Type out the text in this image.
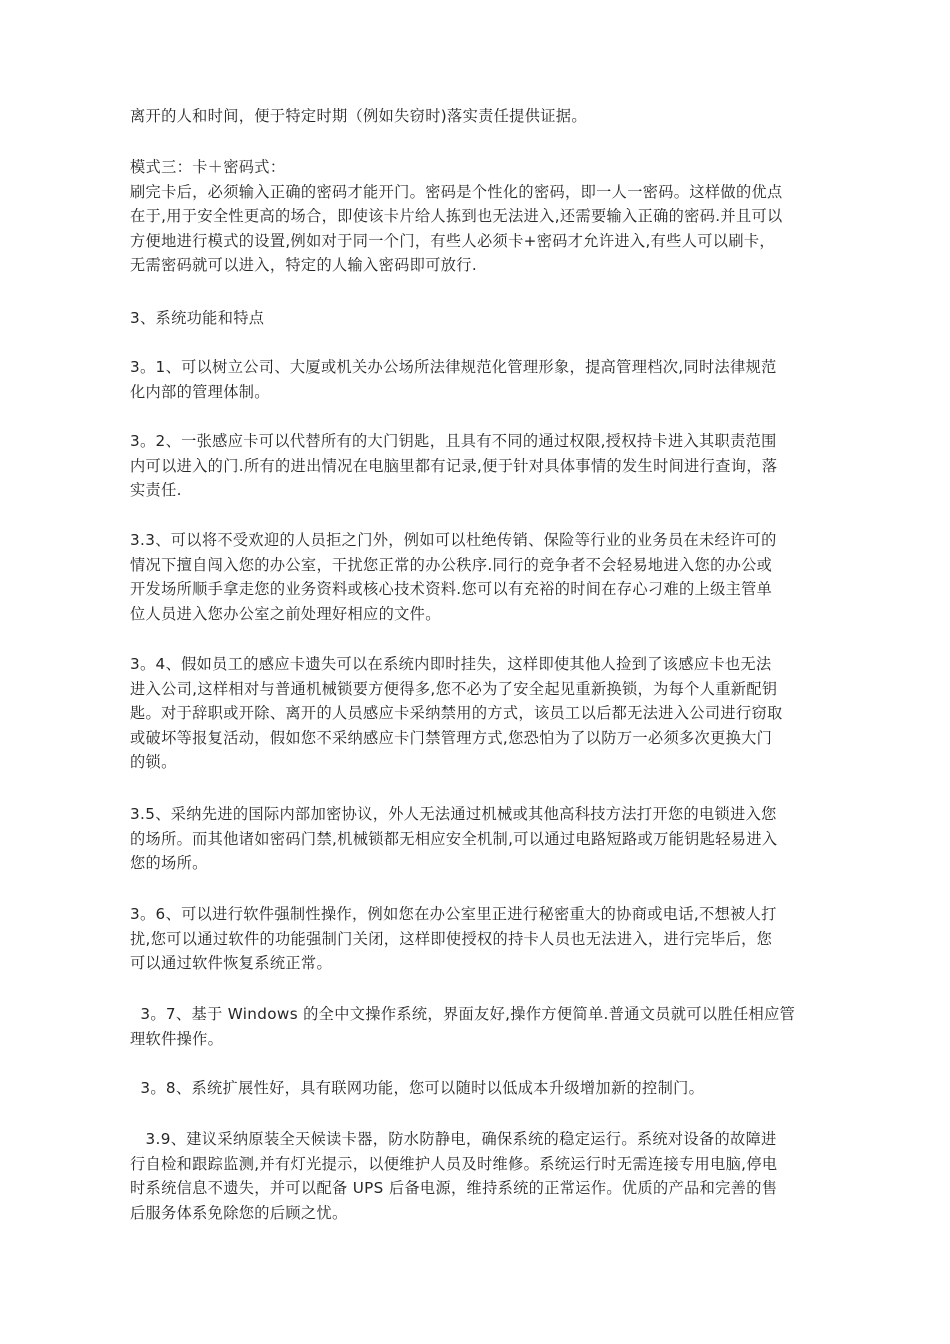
离开的人和时间，便于特定时期（例如失窃时)落实责任提供证据。

模式三：卡＋密码式：
刷完卡后，必须输入正确的密码才能开门。密码是个性化的密码，即一人一密码。这样做的优点
在于,用于安全性更高的场合，即使该卡片给人拣到也无法进入,还需要输入正确的密码.并且可以
方便地进行模式的设置,例如对于同一个门，有些人必须卡+密码才允许进入,有些人可以刷卡，
无需密码就可以进入，特定的人输入密码即可放行.

3、系统功能和特点

3。1、可以树立公司、大厦或机关办公场所法律规范化管理形象，提高管理档次,同时法律规范
化内部的管理体制。

3。2、一张感应卡可以代替所有的大门钥匙，且具有不同的通过权限,授权持卡进入其职责范围
内可以进入的门.所有的进出情况在电脑里都有记录,便于针对具体事情的发生时间进行查询，落
实责任.

3.3、可以将不受欢迎的人员拒之门外，例如可以杜绝传销、保险等行业的业务员在未经许可的
情况下擅自闯入您的办公室，干扰您正常的办公秩序.同行的竞争者不会轻易地进入您的办公或
开发场所顺手拿走您的业务资料或核心技术资料.您可以有充裕的时间在存心刁难的上级主管单
位人员进入您办公室之前处理好相应的文件。

3。4、假如员工的感应卡遗失可以在系统内即时挂失，这样即使其他人捡到了该感应卡也无法
进入公司,这样相对与普通机械锁要方便得多,您不必为了安全起见重新换锁，为每个人重新配钥
匙。对于辞职或开除、离开的人员感应卡采纳禁用的方式，该员工以后都无法进入公司进行窃取
或破坏等报复活动，假如您不采纳感应卡门禁管理方式,您恐怕为了以防万一必须多次更换大门
的锁。

3.5、采纳先进的国际内部加密协议，外人无法通过机械或其他高科技方法打开您的电锁进入您
的场所。而其他诸如密码门禁,机械锁都无相应安全机制,可以通过电路短路或万能钥匙轻易进入
您的场所。

3。6、可以进行软件强制性操作，例如您在办公室里正进行秘密重大的协商或电话,不想被人打
扰,您可以通过软件的功能强制门关闭，这样即使授权的持卡人员也无法进入，进行完毕后，您
可以通过软件恢复系统正常。

3。7、基于 Windows 的全中文操作系统，界面友好,操作方便简单.普通文员就可以胜任相应管
理软件操作。

3。8、系统扩展性好，具有联网功能，您可以随时以低成本升级增加新的控制门。

3.9、建议采纳原装全天候读卡器，防水防静电，确保系统的稳定运行。系统对设备的故障进
行自检和跟踪监测,并有灯光提示，以便维护人员及时维修。系统运行时无需连接专用电脑,停电
时系统信息不遗失，并可以配备 UPS 后备电源，维持系统的正常运作。优质的产品和完善的售
后服务体系免除您的后顾之忧。
